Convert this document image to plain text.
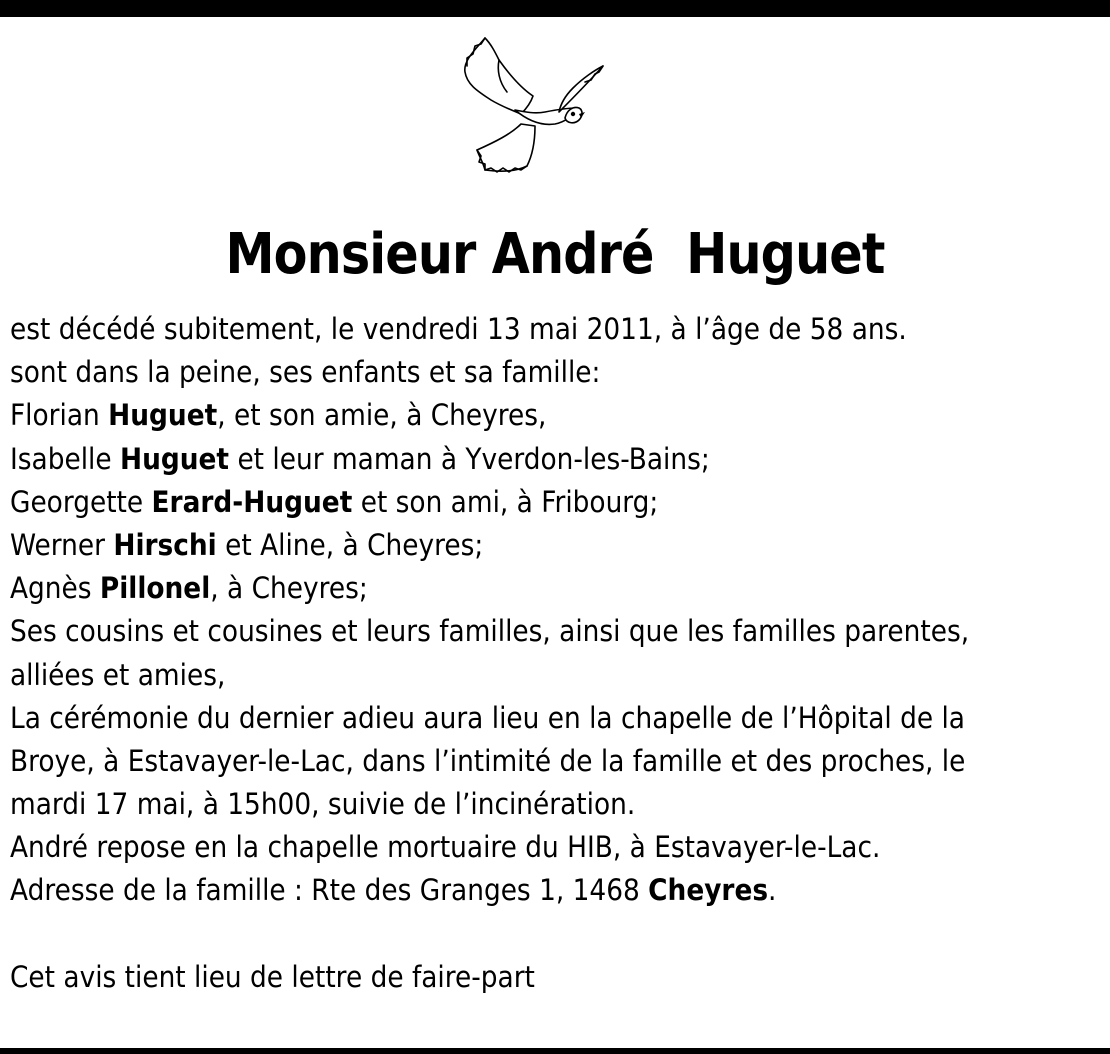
Monsieur André  Huguet
est décédé subitement, le vendredi 13 mai 2011, à l’âge de 58 ans.
sont dans la peine, ses enfants et sa famille:
Florian Huguet, et son amie, à Cheyres,
Isabelle Huguet et leur maman à Yverdon-les-Bains;
Georgette Erard-Huguet et son ami, à Fribourg;
Werner Hirschi et Aline, à Cheyres;
Agnès Pillonel, à Cheyres;
Ses cousins et cousines et leurs familles, ainsi que les familles parentes,
alliées et amies,
La cérémonie du dernier adieu aura lieu en la chapelle de l’Hôpital de la
Broye, à Estavayer-le-Lac, dans l’intimité de la famille et des proches, le
mardi 17 mai, à 15h00, suivie de l’incinération.
André repose en la chapelle mortuaire du HIB, à Estavayer-le-Lac.
Adresse de la famille : Rte des Granges 1, 1468 Cheyres.
Cet avis tient lieu de lettre de faire-part
